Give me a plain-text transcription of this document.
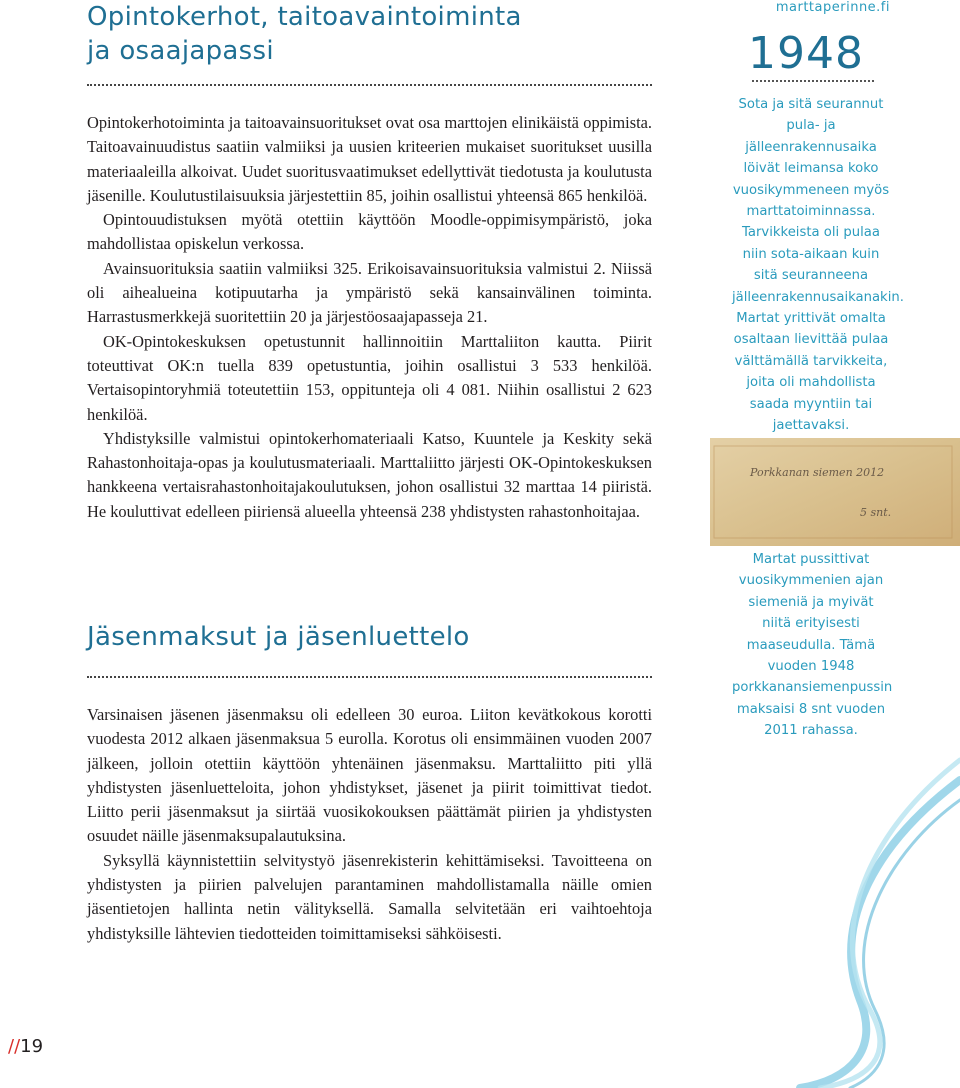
Opintokerhot, taitoavaintoiminta
ja osaajapassi

Opintokerhotoiminta ja taitoavainsuoritukset ovat osa marttojen elinikäistä oppimista. Taitoavainuudistus saatiin valmiiksi ja uusien kriteerien mukaiset suoritukset uusilla materiaaleilla alkoivat. Uudet suoritusvaatimukset edellyttivät tiedotusta ja koulutusta jäsenille. Koulutustilaisuuksia järjestettiin 85, joihin osallistui yhteensä 865 henkilöä.

Opintouudistuksen myötä otettiin käyttöön Moodle-oppimisympäristö, joka mahdollistaa opiskelun verkossa.

Avainsuorituksia saatiin valmiiksi 325. Erikoisavainsuorituksia valmistui 2. Niissä oli aihealueina kotipuutarha ja ympäristö sekä kansainvälinen toiminta. Harrastusmerkkejä suoritettiin 20 ja järjestöosaajapasseja 21.

OK-Opintokeskuksen opetustunnit hallinnoitiin Marttaliiton kautta. Piirit toteuttivat OK:n tuella 839 opetustuntia, joihin osallistui 3 533 henkilöä. Vertaisopintoryhmiä toteutettiin 153, oppitunteja oli 4 081. Niihin osallistui 2 623 henkilöä.

Yhdistyksille valmistui opintokerhomateriaali Katso, Kuuntele ja Keskity sekä Rahastonhoitaja-opas ja koulutusmateriaali. Marttaliitto järjesti OK-Opintokeskuksen hankkeena vertaisrahastonhoitajakoulutuksen, johon osallistui 32 marttaa 14 piiristä. He kouluttivat edelleen piiriensä alueella yhteensä 238 yhdistysten rahastonhoitajaa.

Jäsenmaksut ja jäsenluettelo

Varsinaisen jäsenen jäsenmaksu oli edelleen 30 euroa. Liiton kevätkokous korotti vuodesta 2012 alkaen jäsenmaksua 5 eurolla. Korotus oli ensimmäinen vuoden 2007 jälkeen, jolloin otettiin käyttöön yhtenäinen jäsenmaksu. Marttaliitto piti yllä yhdistysten jäsenluetteloita, johon yhdistykset, jäsenet ja piirit toimittivat tiedot. Liitto perii jäsenmaksut ja siirtää vuosikokouksen päättämät piirien ja yhdistysten osuudet näille jäsenmaksupalautuksina.

Syksyllä käynnistettiin selvitystyö jäsenrekisterin kehittämiseksi. Tavoitteena on yhdistysten ja piirien palvelujen parantaminen mahdollistamalla näille omien jäsentietojen hallinta netin välityksellä. Samalla selvitetään eri vaihtoehtoja yhdistyksille lähtevien tiedotteiden toimittamiseksi sähköisesti.

marttaperinne.fi
1948
Sota ja sitä seurannut pula- ja jälleenrakennusaika löivät leimansa koko vuosikymmeneen myös marttatoiminnassa. Tarvikkeista oli pulaa niin sota-aikaan kuin sitä seuranneena jälleenrakennusaikanakin. Martat yrittivät omalta osaltaan lievittää pulaa välttämällä tarvikkeita, joita oli mahdollista saada myyntiin tai jaettavaksi.
Porkkanan siemen 2012
5 snt.
Martat pussittivat vuosikymmenien ajan siemeniä ja myivät niitä erityisesti maaseudulla. Tämä vuoden 1948 porkkanansiemenpussin maksaisi 8 snt vuoden 2011 rahassa.
//19
